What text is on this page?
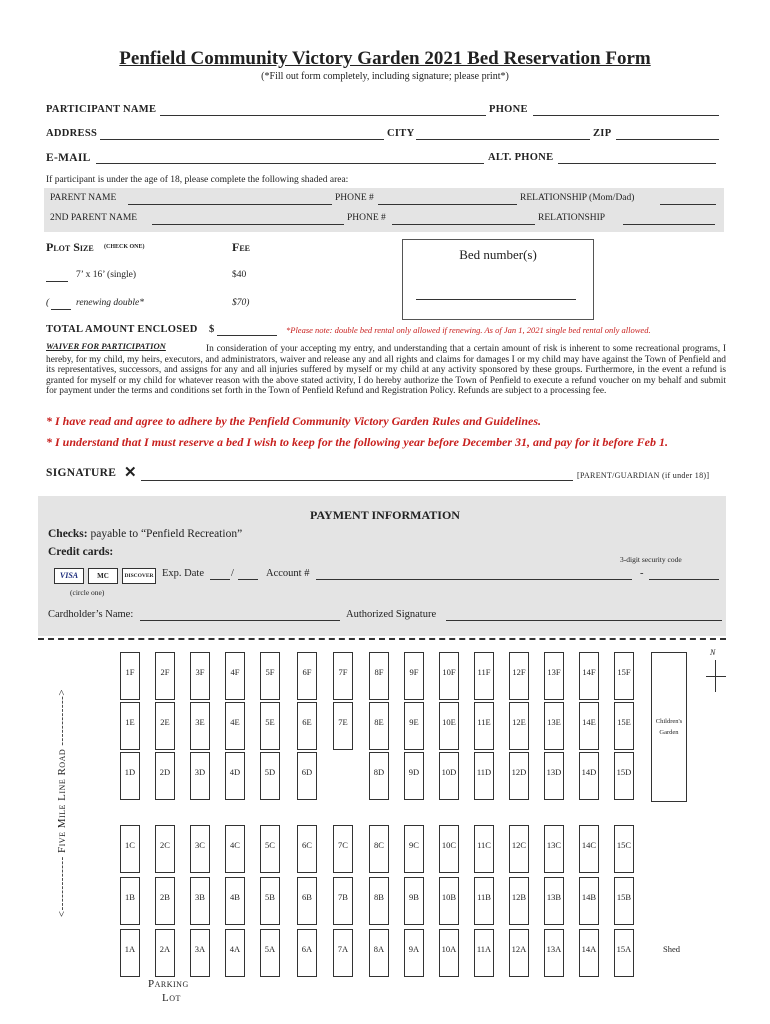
Penfield Community Victory Garden 2021 Bed Reservation Form
(*Fill out form completely, including signature; please print*)
PARTICIPANT NAME	PHONE
ADDRESS	CITY	ZIP
E-MAIL	ALT. PHONE
If participant is under the age of 18, please complete the following shaded area:
PARENT NAME	PHONE #	RELATIONSHIP (Mom/Dad)
2ND PARENT NAME	PHONE #	RELATIONSHIP
Plot Size (CHECK ONE)	Fee
7’ x 16’ (single)	$40
(	renewing double*	$70)
Bed number(s)
TOTAL AMOUNT ENCLOSED $	*Please note: double bed rental only allowed if renewing. As of Jan 1, 2021 single bed rental only allowed.
WAIVER FOR PARTICIPATION	In consideration of your accepting my entry, and understanding that a certain amount of risk is inherent to some recreational programs, I hereby, for my child, my heirs, executors, and administrators, waiver and release any and all rights and claims for damages I or my child may have against the Town of Penfield and its representatives, successors, and assigns for any and all injuries suffered by myself or my child at any activity sponsored by these groups. Furthermore, in the event a refund is granted for myself or my child for whatever reason with the above stated activity, I do hereby authorize the Town of Penfield to execute a refund voucher on my behalf and submit for payment under the terms and conditions set forth in the Town of Penfield Refund and Registration Policy. Refunds are subject to a processing fee.
* I have read and agree to adhere by the Penfield Community Victory Garden Rules and Guidelines.
* I understand that I must reserve a bed I wish to keep for the following year before December 31, and pay for it before Feb 1.
SIGNATURE ✕	[PARENT/GUARDIAN (if under 18)]
PAYMENT INFORMATION
Checks: payable to “Penfield Recreation”
Credit cards:
3-digit security code
VISA	MC	DISCOVER Exp. Date	/	Account #	-
(circle one)
Cardholder’s Name:	Authorized Signature
<------------- Five Mile Line Road ------------>
1F	2F	3F	4F	5F	6F	7F	8F	9F	10F	11F	12F	13F	14F	15F
1E	2E	3E	4E	5E	6E	7E	8E	9E	10E	11E	12E	13E	14E	15E
1D	2D	3D	4D	5D	6D	8D	9D	10D	11D	12D	13D	14D	15D
1C	2C	3C	4C	5C	6C	7C	8C	9C	10C	11C	12C	13C	14C	15C
1B	2B	3B	4B	5B	6B	7B	8B	9B	10B	11B	12B	13B	14B	15B
1A	2A	3A	4A	5A	6A	7A	8A	9A	10A	11A	12A	13A	14A	15A
N
Children's Garden
Shed
Parking
Lot
